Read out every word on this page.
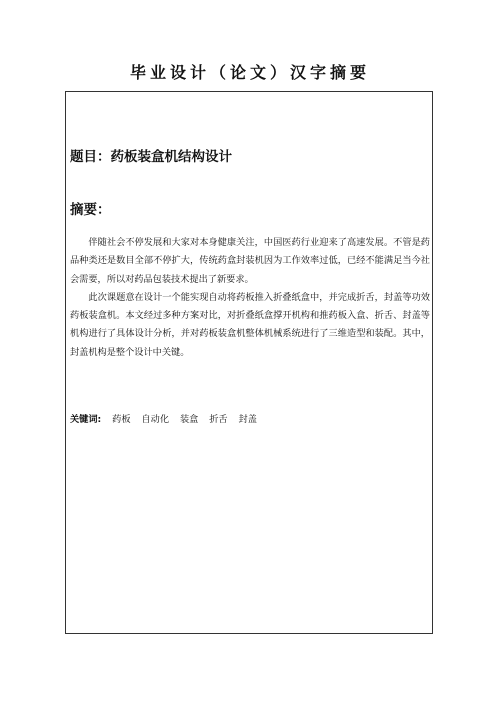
毕业设计（论文）汉字摘要
题目：药板装盒机结构设计
摘要：

伴随社会不停发展和大家对本身健康关注，中国医药行业迎来了高速发展。不管是药品种类还是数目全部不停扩大，传统药盒封装机因为工作效率过低，已经不能满足当今社会需要，所以对药品包装技术提出了新要求。

此次课题意在设计一个能实现自动将药板推入折叠纸盒中，并完成折舌，封盖等功效药板装盒机。本文经过多种方案对比，对折叠纸盒撑开机构和推药板入盒、折舌、封盖等机构进行了具体设计分析，并对药板装盒机整体机械系统进行了三维造型和装配。其中，封盖机构是整个设计中关键。

关键词: 药板 自动化 装盒 折舌 封盖
